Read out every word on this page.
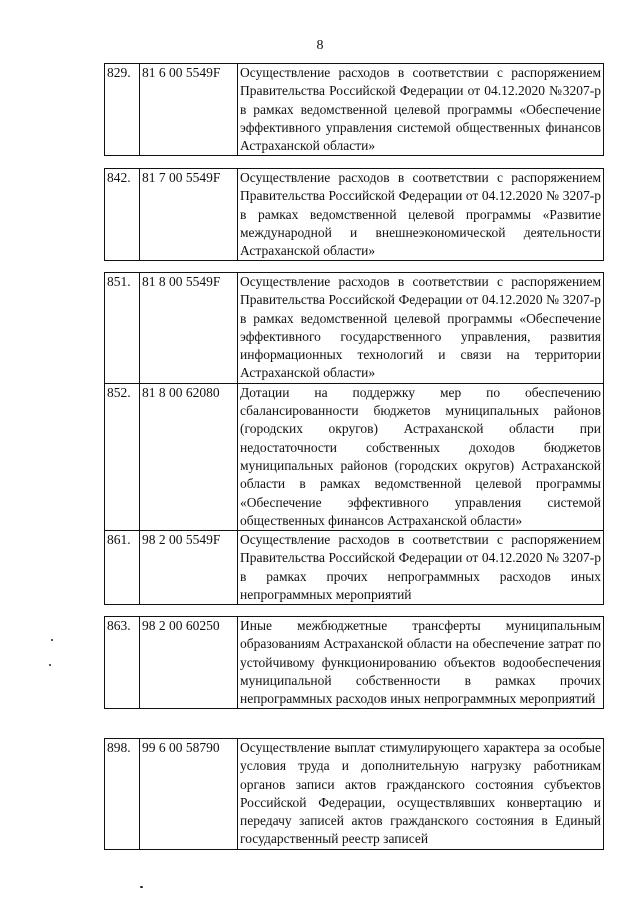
8
829.	81 6 00 5549F	Осуществление расходов в соответствии с распоряжением Правительства Российской Федерации от 04.12.2020 №3207-р в рамках ведомственной целевой программы «Обеспечение эффективного управления системой общественных финансов Астраханской области»
842.	81 7 00 5549F	Осуществление расходов в соответствии с распоряжением Правительства Российской Федерации от 04.12.2020 № 3207-р в рамках ведомственной целевой программы «Развитие международной и внешнеэкономической деятельности Астраханской области»
851.	81 8 00 5549F	Осуществление расходов в соответствии с распоряжением Правительства Российской Федерации от 04.12.2020 № 3207-р в рамках ведомственной целевой программы «Обеспечение эффективного государственного управления, развития информационных технологий и связи на территории Астраханской области»
852.	81 8 00 62080	Дотации на поддержку мер по обеспечению сбалансированности бюджетов муниципальных районов (городских округов) Астраханской области при недостаточности собственных доходов бюджетов муниципальных районов (городских округов) Астраханской области в рамках ведомственной целевой программы «Обеспечение эффективного управления системой общественных финансов Астраханской области»
861.	98 2 00 5549F	Осуществление расходов в соответствии с распоряжением Правительства Российской Федерации от 04.12.2020 № 3207-р в рамках прочих непрограммных расходов иных непрограммных мероприятий
863.	98 2 00 60250	Иные межбюджетные трансферты муниципальным образованиям Астраханской области на обеспечение затрат по устойчивому функционированию объектов водообеспечения муниципальной собственности в рамках прочих непрограммных расходов иных непрограммных мероприятий
898.	99 6 00 58790	Осуществление выплат стимулирующего характера за особые условия труда и дополнительную нагрузку работникам органов записи актов гражданского состояния субъектов Российской Федерации, осуществлявших конвертацию и передачу записей актов гражданского состояния в Единый государственный реестр записей
